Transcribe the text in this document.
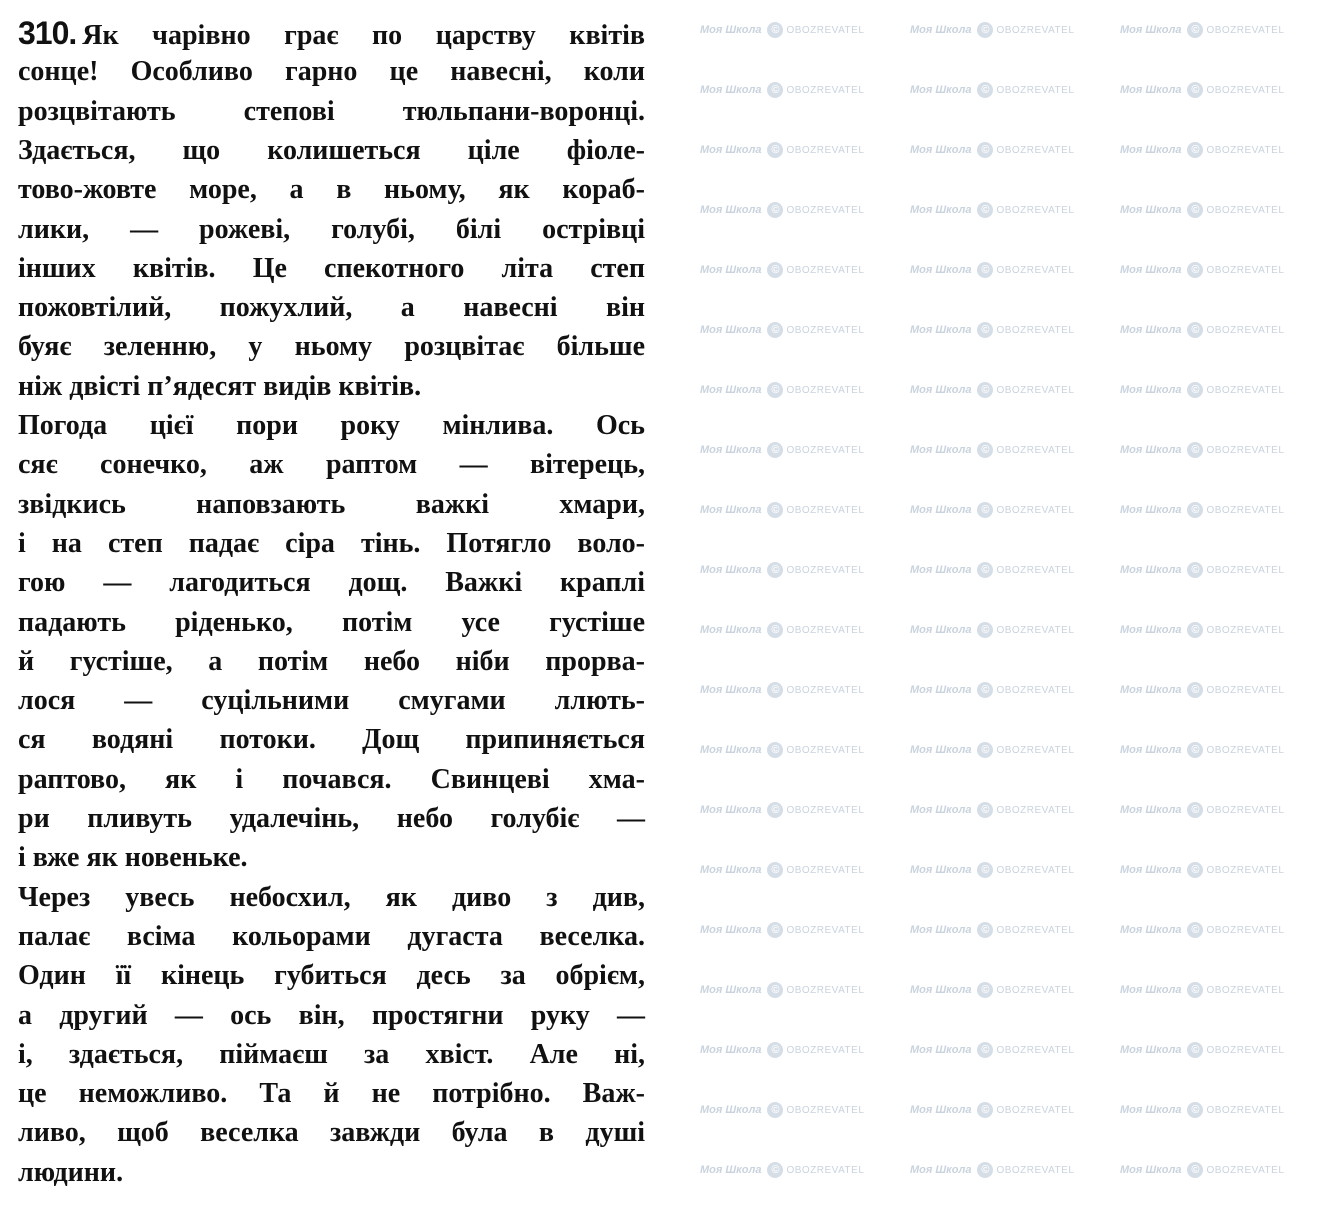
Моя Школа © OBOZREVATEL	Моя Школа © OBOZREVATEL	Моя Школа © OBOZREVATEL
Моя Школа © OBOZREVATEL	Моя Школа © OBOZREVATEL	Моя Школа © OBOZREVATEL
Моя Школа © OBOZREVATEL	Моя Школа © OBOZREVATEL	Моя Школа © OBOZREVATEL
Моя Школа © OBOZREVATEL	Моя Школа © OBOZREVATEL	Моя Школа © OBOZREVATEL
Моя Школа © OBOZREVATEL	Моя Школа © OBOZREVATEL	Моя Школа © OBOZREVATEL
Моя Школа © OBOZREVATEL	Моя Школа © OBOZREVATEL	Моя Школа © OBOZREVATEL
Моя Школа © OBOZREVATEL	Моя Школа © OBOZREVATEL	Моя Школа © OBOZREVATEL
Моя Школа © OBOZREVATEL	Моя Школа © OBOZREVATEL	Моя Школа © OBOZREVATEL
Моя Школа © OBOZREVATEL	Моя Школа © OBOZREVATEL	Моя Школа © OBOZREVATEL
Моя Школа © OBOZREVATEL	Моя Школа © OBOZREVATEL	Моя Школа © OBOZREVATEL
Моя Школа © OBOZREVATEL	Моя Школа © OBOZREVATEL	Моя Школа © OBOZREVATEL
Моя Школа © OBOZREVATEL	Моя Школа © OBOZREVATEL	Моя Школа © OBOZREVATEL
Моя Школа © OBOZREVATEL	Моя Школа © OBOZREVATEL	Моя Школа © OBOZREVATEL
Моя Школа © OBOZREVATEL	Моя Школа © OBOZREVATEL	Моя Школа © OBOZREVATEL
Моя Школа © OBOZREVATEL	Моя Школа © OBOZREVATEL	Моя Школа © OBOZREVATEL
Моя Школа © OBOZREVATEL	Моя Школа © OBOZREVATEL	Моя Школа © OBOZREVATEL
Моя Школа © OBOZREVATEL	Моя Школа © OBOZREVATEL	Моя Школа © OBOZREVATEL
Моя Школа © OBOZREVATEL	Моя Школа © OBOZREVATEL	Моя Школа © OBOZREVATEL
Моя Школа © OBOZREVATEL	Моя Школа © OBOZREVATEL	Моя Школа © OBOZREVATEL
Моя Школа © OBOZREVATEL	Моя Школа © OBOZREVATEL	Моя Школа © OBOZREVATEL
310. Як чарівно грає по царству квітів
сонце! Особливо гарно це навесні, коли
розцвітають степові тюльпани-воронці.
Здається, що колишеться ціле фіоле-
тово-жовте море, а в ньому, як кораб-
лики, — рожеві, голубі, білі острівці
інших квітів. Це спекотного літа степ
пожовтілий, пожухлий, а навесні він
буяє зеленню, у ньому розцвітає більше
ніж двісті п’ядесят видів квітів.
Погода цієї пори року мінлива. Ось
сяє сонечко, аж раптом — вітерець,
звідкись наповзають важкі хмари,
і на степ падає сіра тінь. Потягло воло-
гою — лагодиться дощ. Важкі краплі
падають ріденько, потім усе густіше
й густіше, а потім небо ніби прорва-
лося — суцільними смугами ллють-
ся водяні потоки. Дощ припиняється
раптово, як і почався. Свинцеві хма-
ри пливуть удалечінь, небо голубіє —
і вже як новеньке.
Через увесь небосхил, як диво з див,
палає всіма кольорами дугаста веселка.
Один її кінець губиться десь за обрієм,
а другий — ось він, простягни руку —
і, здається, піймаєш за хвіст. Але ні,
це неможливо. Та й не потрібно. Важ-
ливо, щоб веселка завжди була в душі
людини.
